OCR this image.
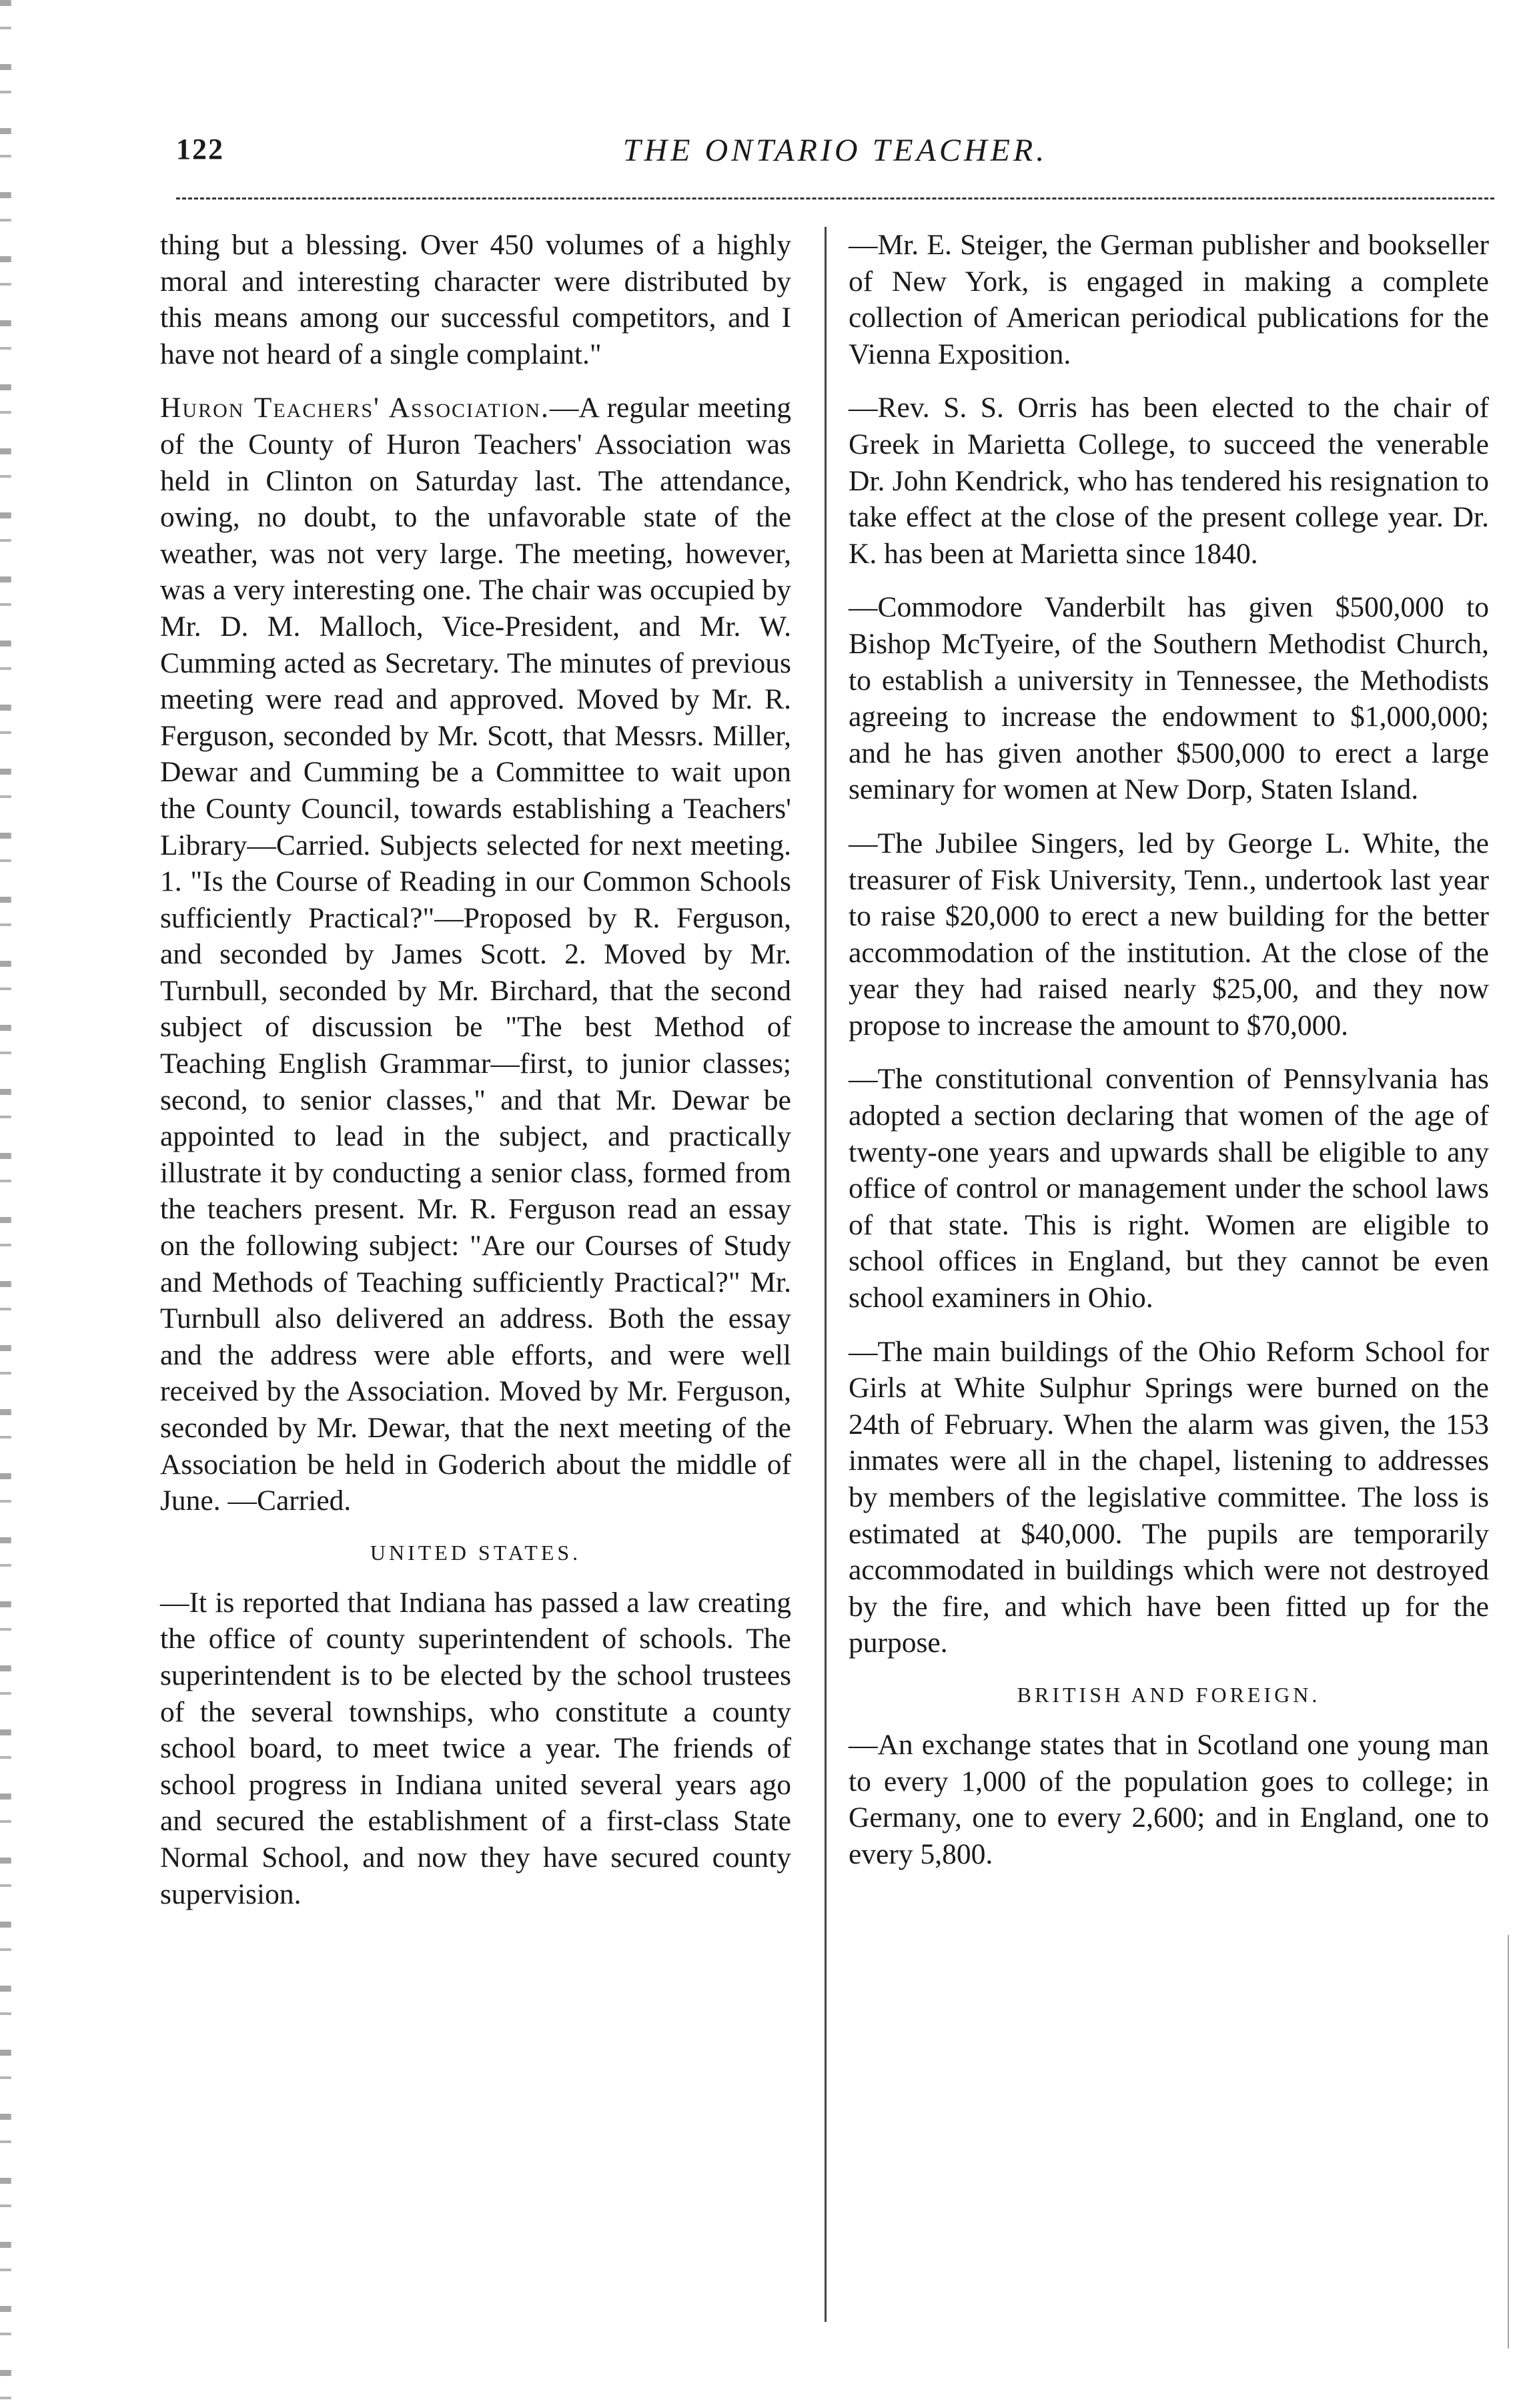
122	THE ONTARIO TEACHER.

thing but a blessing. Over 450 volumes of a highly moral and interesting character were distributed by this means among our successful competitors, and I have not heard of a single complaint."

Huron Teachers' Association.—A regular meeting of the County of Huron Teachers' Association was held in Clinton on Saturday last. The attendance, owing, no doubt, to the unfavorable state of the weather, was not very large. The meeting, however, was a very interesting one. The chair was occupied by Mr. D. M. Malloch, Vice-President, and Mr. W. Cumming acted as Secretary. The minutes of previous meeting were read and approved. Moved by Mr. R. Ferguson, seconded by Mr. Scott, that Messrs. Miller, Dewar and Cumming be a Committee to wait upon the County Council, towards establishing a Teachers' Library—Carried. Subjects selected for next meeting. 1. "Is the Course of Reading in our Common Schools sufficiently Practical?"—Proposed by R. Ferguson, and seconded by James Scott. 2. Moved by Mr. Turnbull, seconded by Mr. Birchard, that the second subject of discussion be "The best Method of Teaching English Grammar—first, to junior classes; second, to senior classes," and that Mr. Dewar be appointed to lead in the subject, and practically illustrate it by conducting a senior class, formed from the teachers present. Mr. R. Ferguson read an essay on the following subject: "Are our Courses of Study and Methods of Teaching sufficiently Practical?" Mr. Turnbull also delivered an address. Both the essay and the address were able efforts, and were well received by the Association. Moved by Mr. Ferguson, seconded by Mr. Dewar, that the next meeting of the Association be held in Goderich about the middle of June. —Carried.

UNITED STATES.

—It is reported that Indiana has passed a law creating the office of county superintendent of schools. The superintendent is to be elected by the school trustees of the several townships, who constitute a county school board, to meet twice a year. The friends of school progress in Indiana united several years ago and secured the establishment of a first-class State Normal School, and now they have secured county supervision.

—Mr. E. Steiger, the German publisher and bookseller of New York, is engaged in making a complete collection of American periodical publications for the Vienna Exposition.

—Rev. S. S. Orris has been elected to the chair of Greek in Marietta College, to succeed the venerable Dr. John Kendrick, who has tendered his resignation to take effect at the close of the present college year. Dr. K. has been at Marietta since 1840.

—Commodore Vanderbilt has given $500,000 to Bishop McTyeire, of the Southern Methodist Church, to establish a university in Tennessee, the Methodists agreeing to increase the endowment to $1,000,000; and he has given another $500,000 to erect a large seminary for women at New Dorp, Staten Island.

—The Jubilee Singers, led by George L. White, the treasurer of Fisk University, Tenn., undertook last year to raise $20,000 to erect a new building for the better accommodation of the institution. At the close of the year they had raised nearly $25,00, and they now propose to increase the amount to $70,000.

—The constitutional convention of Pennsylvania has adopted a section declaring that women of the age of twenty-one years and upwards shall be eligible to any office of control or management under the school laws of that state. This is right. Women are eligible to school offices in England, but they cannot be even school examiners in Ohio.

—The main buildings of the Ohio Reform School for Girls at White Sulphur Springs were burned on the 24th of February. When the alarm was given, the 153 inmates were all in the chapel, listening to addresses by members of the legislative committee. The loss is estimated at $40,000. The pupils are temporarily accommodated in buildings which were not destroyed by the fire, and which have been fitted up for the purpose.

BRITISH AND FOREIGN.

—An exchange states that in Scotland one young man to every 1,000 of the population goes to college; in Germany, one to every 2,600; and in England, one to every 5,800.
